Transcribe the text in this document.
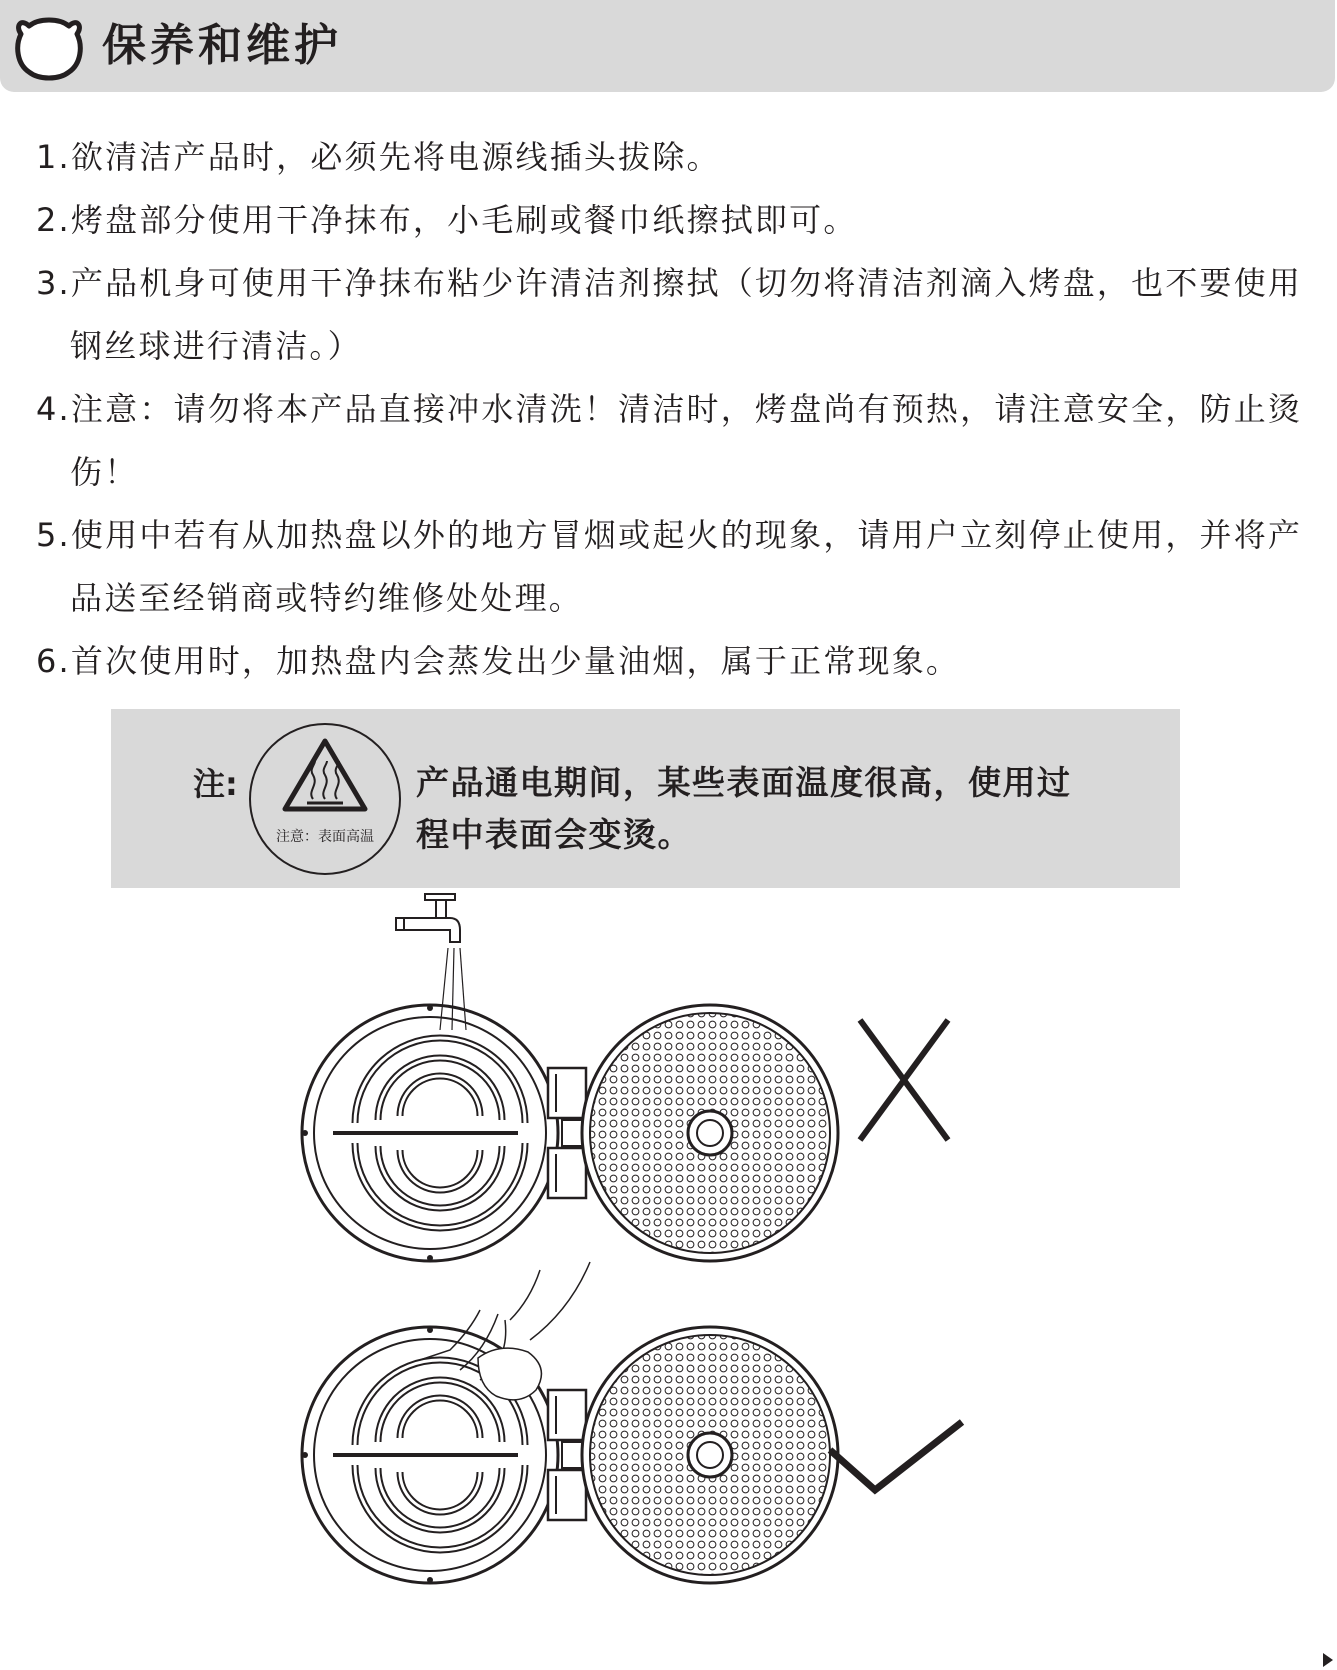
保养和维护
1.欲清洁产品时，必须先将电源线插头拔除。
2.烤盘部分使用干净抹布，小毛刷或餐巾纸擦拭即可。
3.产品机身可使用干净抹布粘少许清洁剂擦拭（切勿将清洁剂滴入烤盘，也不要使用钢丝球进行清洁。）
4.注意：请勿将本产品直接冲水清洗！清洁时，烤盘尚有预热，请注意安全，防止烫伤！
5.使用中若有从加热盘以外的地方冒烟或起火的现象，请用户立刻停止使用，并将产品送至经销商或特约维修处处理。
6.首次使用时，加热盘内会蒸发出少量油烟，属于正常现象。

注:

注意：表面高温

产品通电期间，某些表面温度很高，使用过程中表面会变烫。
